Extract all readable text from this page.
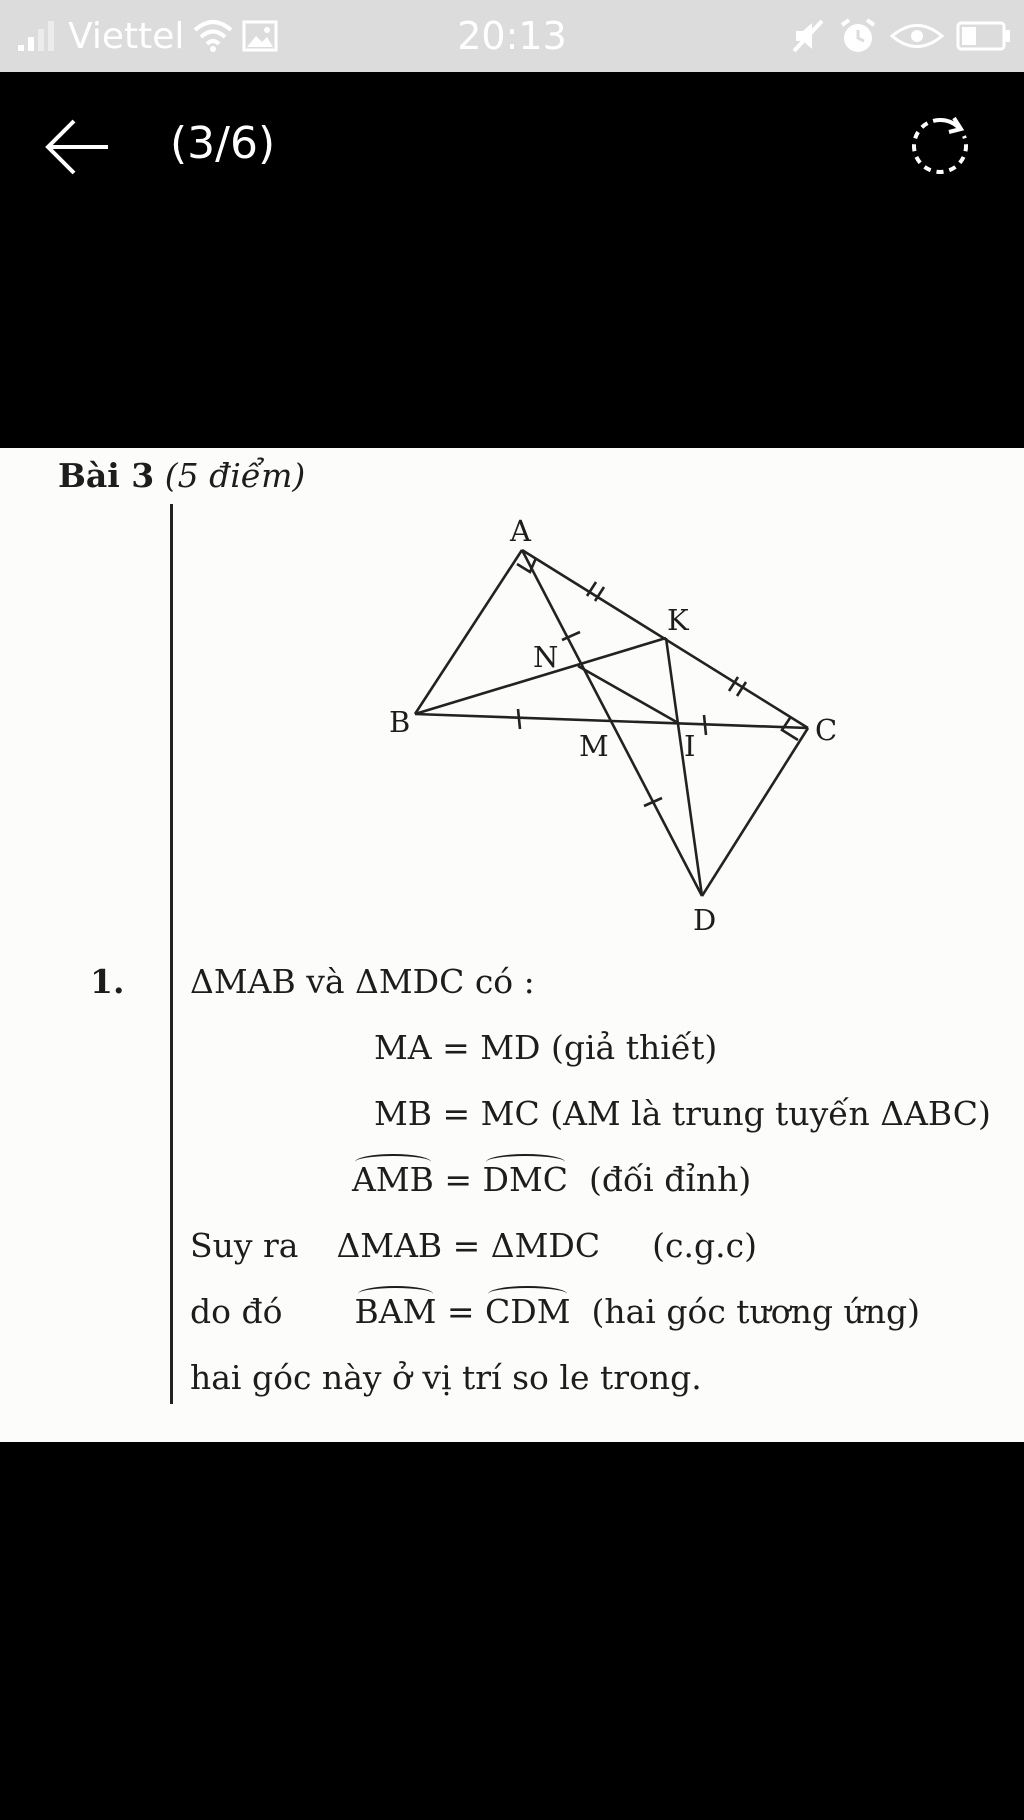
Viettel	20:13
(3/6)
Bài 3 (5 điểm)
A
K
N
B
M	I	C
D
1. ΔMAB và ΔMDC có :
MA = MD (giả thiết)
MB = MC (AM là trung tuyến ΔABC)
AMB = DMC  (đối đỉnh)
Suy ra ΔMAB = ΔMDC (c.g.c)
do đó BAM = CDM  (hai góc tương ứng)
hai góc này ở vị trí so le trong.
